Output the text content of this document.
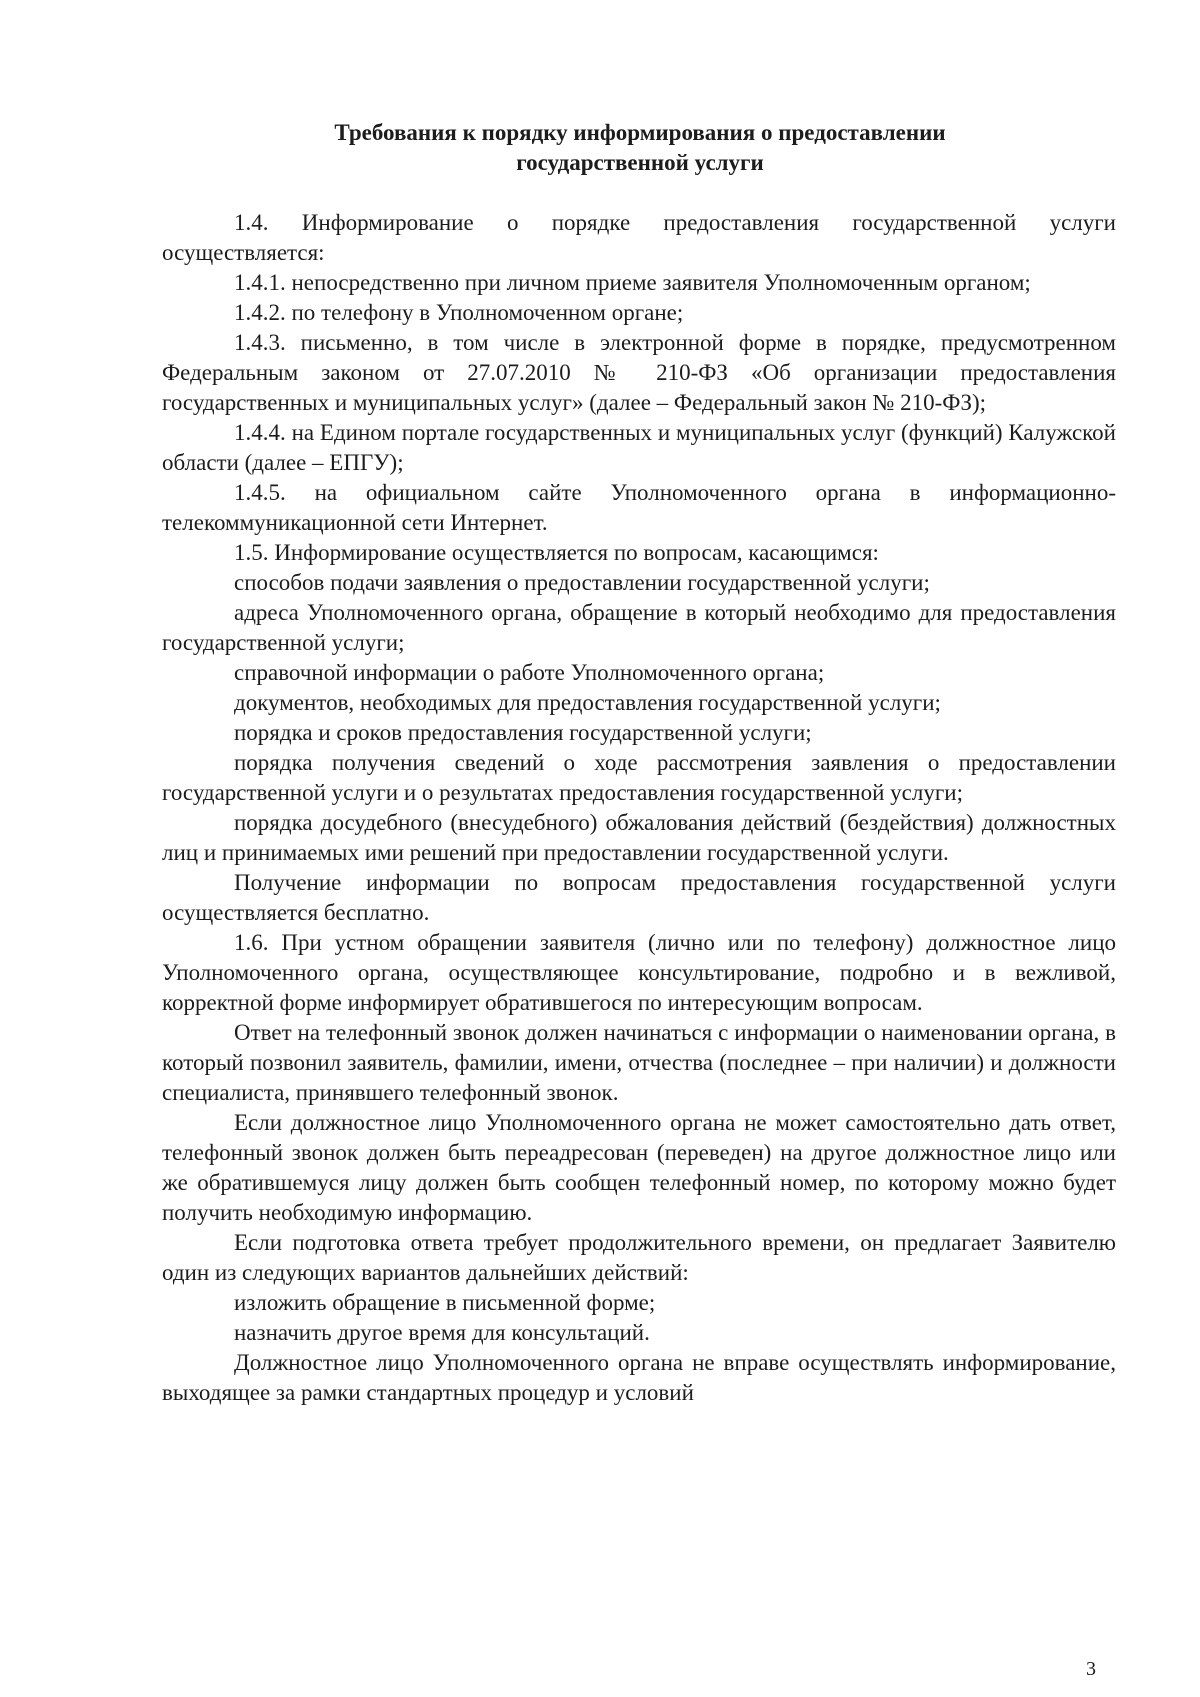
Требования к порядку информирования о предоставлении
государственной услуги

1.4. Информирование о порядке предоставления государственной услуги осуществляется:

1.4.1. непосредственно при личном приеме заявителя Уполномоченным органом;

1.4.2. по телефону в Уполномоченном органе;

1.4.3. письменно, в том числе в электронной форме в порядке, предусмотренном Федеральным законом от 27.07.2010 № 210-ФЗ «Об организации предоставления государственных и муниципальных услуг» (далее – Федеральный закон № 210-ФЗ);

1.4.4. на Едином портале государственных и муниципальных услуг (функций) Калужской области (далее – ЕПГУ);

1.4.5. на официальном сайте Уполномоченного органа в информационно-телекоммуникационной сети Интернет.

1.5. Информирование осуществляется по вопросам, касающимся:

способов подачи заявления о предоставлении государственной услуги;

адреса Уполномоченного органа, обращение в который необходимо для предоставления государственной услуги;

справочной информации о работе Уполномоченного органа;

документов, необходимых для предоставления государственной услуги;

порядка и сроков предоставления государственной услуги;

порядка получения сведений о ходе рассмотрения заявления о предоставлении государственной услуги и о результатах предоставления государственной услуги;

порядка досудебного (внесудебного) обжалования действий (бездействия) должностных лиц и принимаемых ими решений при предоставлении государственной услуги.

Получение информации по вопросам предоставления государственной услуги осуществляется бесплатно.

1.6. При устном обращении заявителя (лично или по телефону) должностное лицо Уполномоченного органа, осуществляющее консультирование, подробно и в вежливой, корректной форме информирует обратившегося по интересующим вопросам.

Ответ на телефонный звонок должен начинаться с информации о наименовании органа, в который позвонил заявитель, фамилии, имени, отчества (последнее – при наличии) и должности специалиста, принявшего телефонный звонок.

Если должностное лицо Уполномоченного органа не может самостоятельно дать ответ, телефонный звонок должен быть переадресован (переведен) на другое должностное лицо или же обратившемуся лицу должен быть сообщен телефонный номер, по которому можно будет получить необходимую информацию.

Если подготовка ответа требует продолжительного времени, он предлагает Заявителю один из следующих вариантов дальнейших действий:

изложить обращение в письменной форме;

назначить другое время для консультаций.

Должностное лицо Уполномоченного органа не вправе осуществлять информирование, выходящее за рамки стандартных процедур и условий

3
